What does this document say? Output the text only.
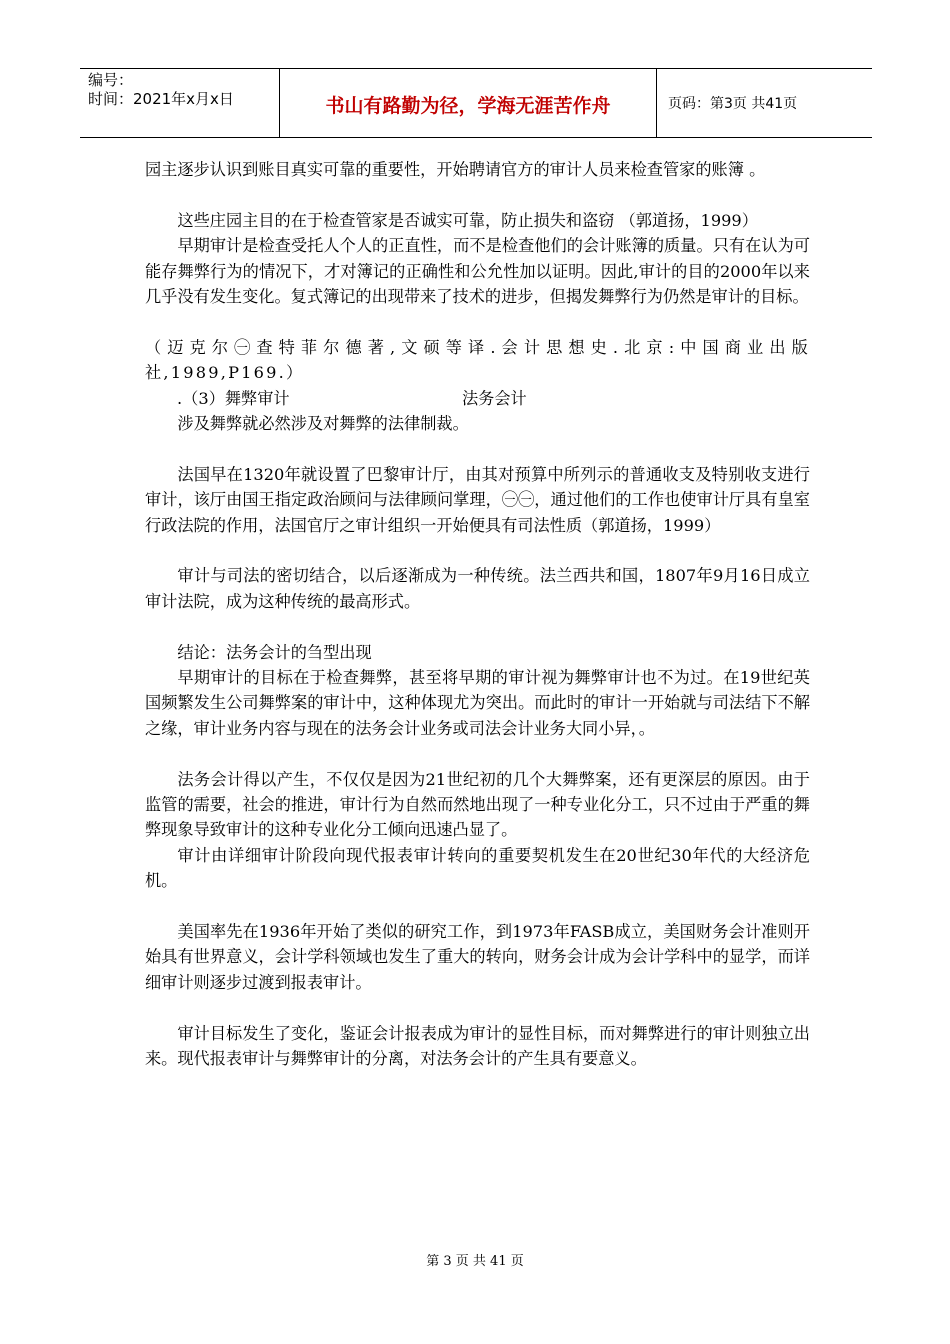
编号：
时间：2021年x月x日	书山有路勤为径，学海无涯苦作舟	页码：第3页 共41页

园主逐步认识到账目真实可靠的重要性，开始聘请官方的审计人员来检查管家的账簿 。

这些庄园主目的在于检查管家是否诚实可靠，防止损失和盗窃 （郭道扬，1999）

早期审计是检查受托人个人的正直性，而不是检查他们的会计账簿的质量。只有在认为可能存舞弊行为的情况下，才对簿记的正确性和公允性加以证明。因此,审计的目的2000年以来几乎没有发生变化。复式簿记的出现带来了技术的进步，但揭发舞弊行为仍然是审计的目标。

（迈克尔㊀查特菲尔德著,文硕等译.会计思想史.北京:中国商业出版社,1989,P169.）

.（3）舞弊审计	法务会计

涉及舞弊就必然涉及对舞弊的法律制裁。

法国早在1320年就设置了巴黎审计厅，由其对预算中所列示的普通收支及特别收支进行审计，该厅由国王指定政治顾问与法律顾问掌理，㊀㊀，通过他们的工作也使审计厅具有皇室行政法院的作用，法国官厅之审计组织一开始便具有司法性质（郭道扬，1999）

审计与司法的密切结合，以后逐渐成为一种传统。法兰西共和国，1807年9月16日成立审计法院，成为这种传统的最高形式。

结论：法务会计的刍型出现

早期审计的目标在于检查舞弊，甚至将早期的审计视为舞弊审计也不为过。在19世纪英国频繁发生公司舞弊案的审计中，这种体现尤为突出。而此时的审计一开始就与司法结下不解之缘，审计业务内容与现在的法务会计业务或司法会计业务大同小异，。

法务会计得以产生，不仅仅是因为21世纪初的几个大舞弊案，还有更深层的原因。由于监管的需要，社会的推进，审计行为自然而然地出现了一种专业化分工，只不过由于严重的舞弊现象导致审计的这种专业化分工倾向迅速凸显了。

审计由详细审计阶段向现代报表审计转向的重要契机发生在20世纪30年代的大经济危机。

美国率先在1936年开始了类似的研究工作，到1973年FASB成立，美国财务会计准则开始具有世界意义，会计学科领域也发生了重大的转向，财务会计成为会计学科中的显学，而详细审计则逐步过渡到报表审计。

审计目标发生了变化，鉴证会计报表成为审计的显性目标，而对舞弊进行的审计则独立出来。现代报表审计与舞弊审计的分离，对法务会计的产生具有要意义。

第 3 页 共 41 页
